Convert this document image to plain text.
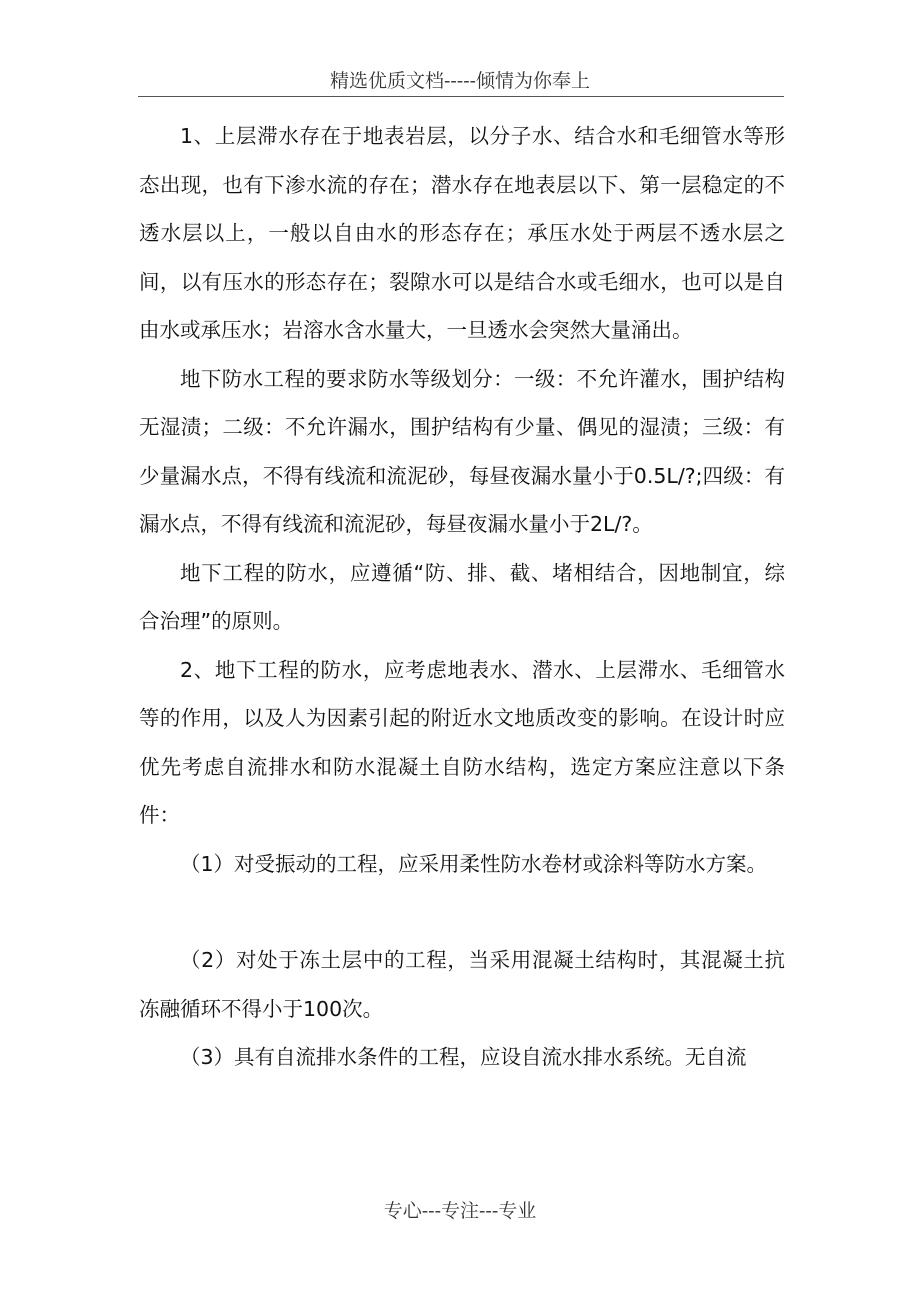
精选优质文档-----倾情为你奉上

1、上层滞水存在于地表岩层，以分子水、结合水和毛细管水等形态出现，也有下渗水流的存在；潜水存在地表层以下、第一层稳定的不透水层以上，一般以自由水的形态存在；承压水处于两层不透水层之间，以有压水的形态存在；裂隙水可以是结合水或毛细水，也可以是自由水或承压水；岩溶水含水量大，一旦透水会突然大量涌出。

地下防水工程的要求防水等级划分：一级：不允许灌水，围护结构无湿渍；二级：不允许漏水，围护结构有少量、偶见的湿渍；三级：有少量漏水点，不得有线流和流泥砂，每昼夜漏水量小于0.5L/?;四级：有漏水点，不得有线流和流泥砂，每昼夜漏水量小于2L/?。

地下工程的防水，应遵循“防、排、截、堵相结合，因地制宜，综合治理”的原则。

2、地下工程的防水，应考虑地表水、潜水、上层滞水、毛细管水等的作用，以及人为因素引起的附近水文地质改变的影响。在设计时应优先考虑自流排水和防水混凝土自防水结构，选定方案应注意以下条件：

（1）对受振动的工程，应采用柔性防水卷材或涂料等防水方案。

（2）对处于冻土层中的工程，当采用混凝土结构时，其混凝土抗冻融循环不得小于100次。

（3）具有自流排水条件的工程，应设自流水排水系统。无自流

专心---专注---专业
